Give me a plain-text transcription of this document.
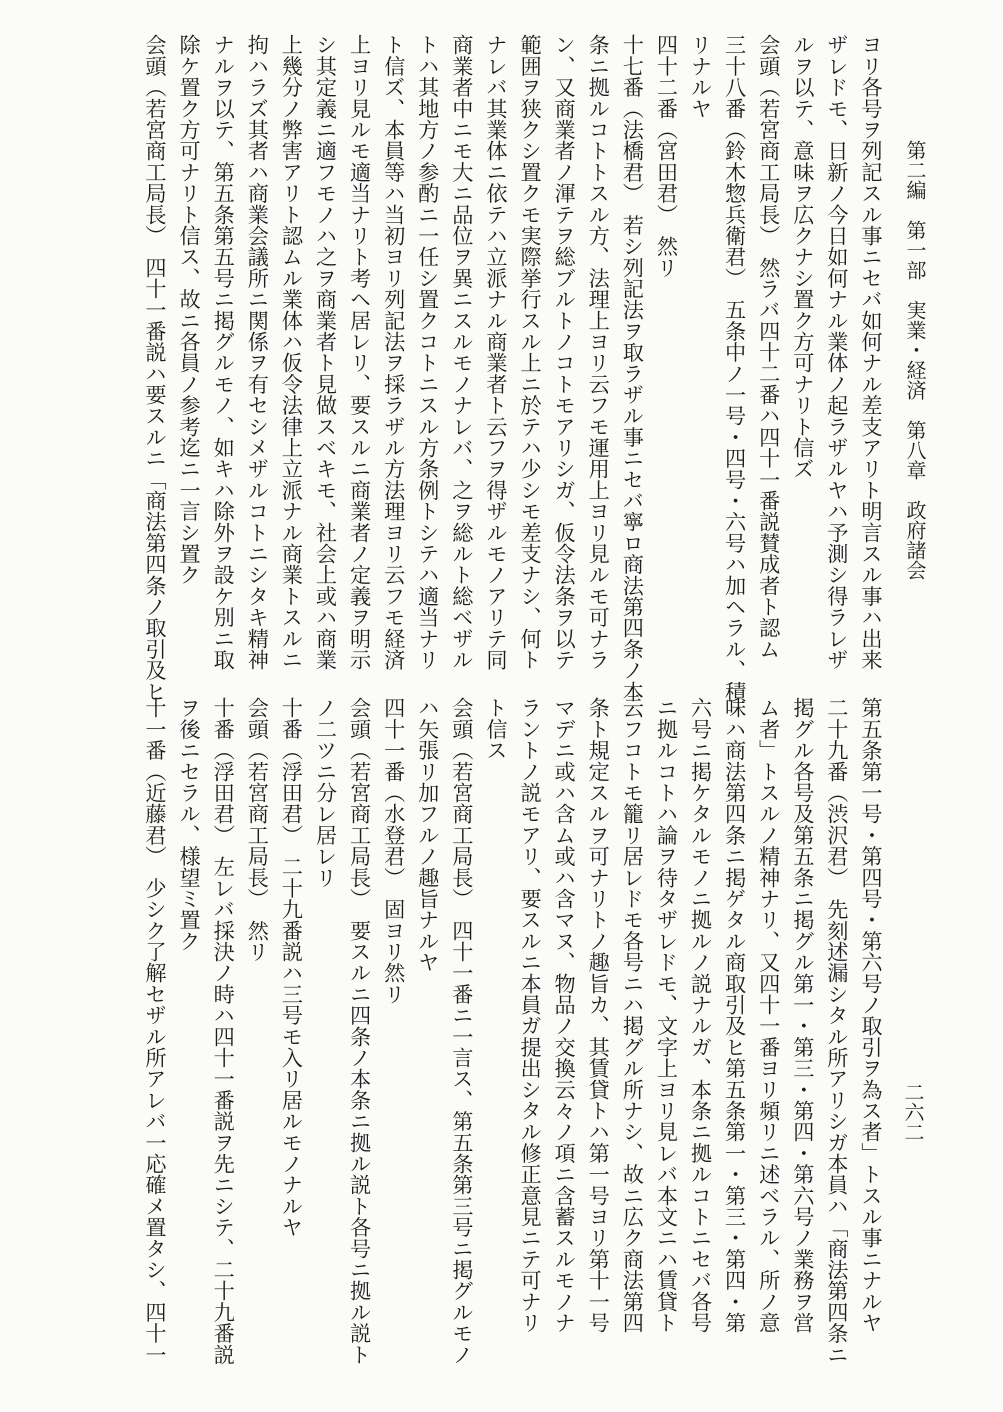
第二編　第一部　実業・経済　第八章　政府諸会
二六二
ヨリ各号ヲ列記スル事ニセバ如何ナル差支アリト明言スル事ハ出来
ザレドモ、日新ノ今日如何ナル業体ノ起ラザルヤハ予測シ得ラレザ
ルヲ以テ、意味ヲ広クナシ置ク方可ナリト信ズ
会頭（若宮商工局長）　然ラバ四十二番ハ四十一番説賛成者ト認ム
三十八番（鈴木惣兵衛君）　五条中ノ一号・四号・六号ハ加ヘラル、積
リナルヤ
四十二番（宮田君）　然リ
十七番（法橋君）　若シ列記法ヲ取ラザル事ニセバ寧ロ商法第四条ノ本
条ニ拠ルコトトスル方、法理上ヨリ云フモ運用上ヨリ見ルモ可ナラ
ン、又商業者ノ渾テヲ総ブルトノコトモアリシガ、仮令法条ヲ以テ
範囲ヲ狭クシ置クモ実際挙行スル上ニ於テハ少シモ差支ナシ、何ト
ナレバ其業体ニ依テハ立派ナル商業者ト云フヲ得ザルモノアリテ同
商業者中ニモ大ニ品位ヲ異ニスルモノナレバ、之ヲ総ルト総ベザル
トハ其地方ノ参酌ニ一任シ置クコトニスル方条例トシテハ適当ナリ
ト信ズ、本員等ハ当初ヨリ列記法ヲ採ラザル方法理ヨリ云フモ経済
上ヨリ見ルモ適当ナリト考ヘ居レリ、要スルニ商業者ノ定義ヲ明示
シ其定義ニ適フモノハ之ヲ商業者ト見做スベキモ、社会上或ハ商業
上幾分ノ弊害アリト認ムル業体ハ仮令法律上立派ナル商業トスルニ
拘ハラズ其者ハ商業会議所ニ関係ヲ有セシメザルコトニシタキ精神
ナルヲ以テ、第五条第五号ニ掲グルモノ、如キハ除外ヲ設ケ別ニ取
除ケ置ク方可ナリト信ス、故ニ各員ノ参考迄ニ一言シ置ク
会頭（若宮商工局長）　四十一番説ハ要スルニ「商法第四条ノ取引及ヒ
第五条第一号・第四号・第六号ノ取引ヲ為ス者」トスル事ニナルヤ
二十九番（渋沢君）　先刻述漏シタル所アリシガ本員ハ「商法第四条ニ
掲グル各号及第五条ニ掲グル第一・第三・第四・第六号ノ業務ヲ営
ム者」トスルノ精神ナリ、又四十一番ヨリ頻リニ述ベラル、所ノ意
味ハ商法第四条ニ掲ゲタル商取引及ヒ第五条第一・第三・第四・第
六号ニ掲ケタルモノニ拠ルノ説ナルガ、本条ニ拠ルコトニセバ各号
ニ拠ルコトハ論ヲ待タザレドモ、文字上ヨリ見レバ本文ニハ賃貸ト
云フコトモ籠リ居レドモ各号ニハ掲グル所ナシ、故ニ広ク商法第四
条ト規定スルヲ可ナリトノ趣旨カ、其賃貸トハ第一号ヨリ第十一号
マデニ或ハ含ム或ハ含マヌ、物品ノ交換云々ノ項ニ含蓄スルモノナ
ラントノ説モアリ、要スルニ本員ガ提出シタル修正意見ニテ可ナリ
ト信ス
会頭（若宮商工局長）　四十一番ニ一言ス、第五条第三号ニ掲グルモノ
ハ矢張リ加フルノ趣旨ナルヤ
四十一番（水登君）　固ヨリ然リ
会頭（若宮商工局長）　要スルニ四条ノ本条ニ拠ル説ト各号ニ拠ル説ト
ノ二ツニ分レ居レリ
十番（浮田君）　二十九番説ハ三号モ入リ居ルモノナルヤ
会頭（若宮商工局長）　然リ
十番（浮田君）　左レバ採決ノ時ハ四十一番説ヲ先ニシテ、二十九番説
ヲ後ニセラル、様望ミ置ク
十一番（近藤君）　少シク了解セザル所アレバ一応確メ置タシ、四十一
